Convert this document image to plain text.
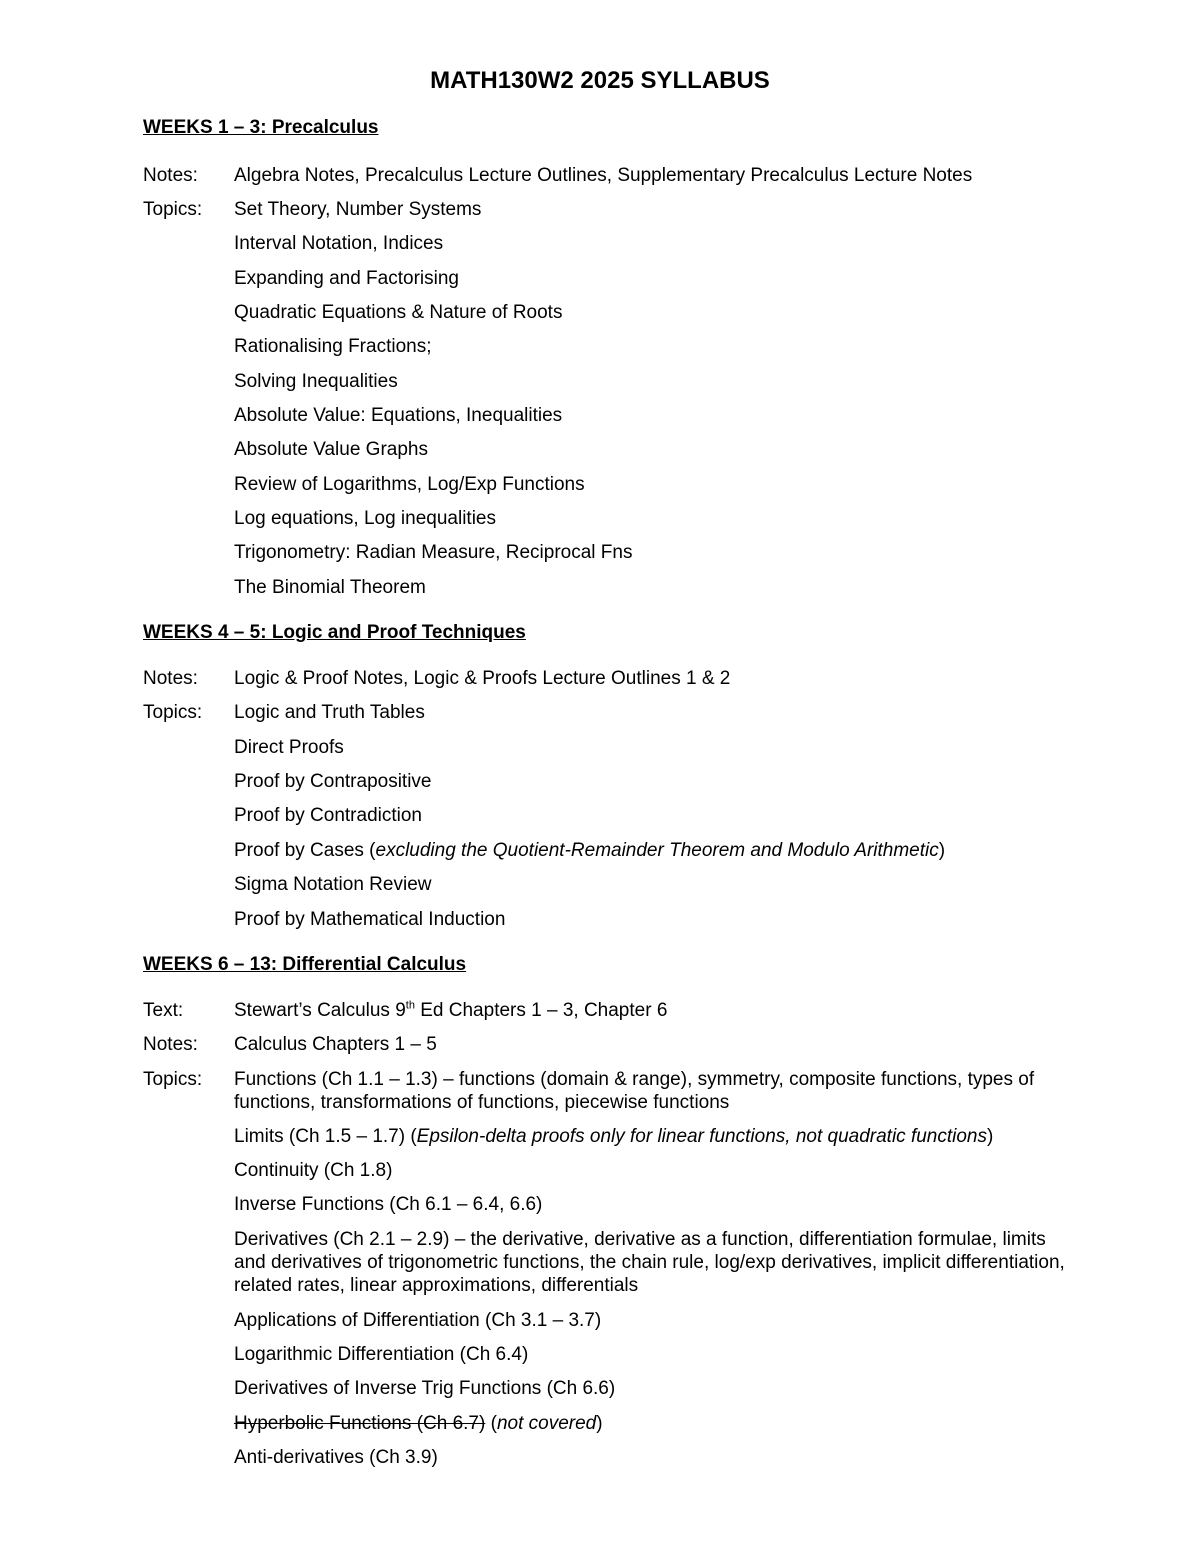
MATH130W2 2025 SYLLABUS
WEEKS 1 – 3: Precalculus
Notes: Algebra Notes, Precalculus Lecture Outlines, Supplementary Precalculus Lecture Notes
Topics: Set Theory, Number Systems
Interval Notation, Indices
Expanding and Factorising
Quadratic Equations & Nature of Roots
Rationalising Fractions;
Solving Inequalities
Absolute Value: Equations, Inequalities
Absolute Value Graphs
Review of Logarithms, Log/Exp Functions
Log equations, Log inequalities
Trigonometry: Radian Measure, Reciprocal Fns
The Binomial Theorem
WEEKS 4 – 5: Logic and Proof Techniques
Notes: Logic & Proof Notes, Logic & Proofs Lecture Outlines 1 & 2
Topics: Logic and Truth Tables
Direct Proofs
Proof by Contrapositive
Proof by Contradiction
Proof by Cases (excluding the Quotient-Remainder Theorem and Modulo Arithmetic)
Sigma Notation Review
Proof by Mathematical Induction
WEEKS 6 – 13: Differential Calculus
Text:	Stewart’s Calculus 9th Ed Chapters 1 – 3, Chapter 6
Notes: Calculus Chapters 1 – 5
Topics: Functions (Ch 1.1 – 1.3) – functions (domain & range), symmetry, composite functions, types of functions, transformations of functions, piecewise functions
Limits (Ch 1.5 – 1.7) (Epsilon-delta proofs only for linear functions, not quadratic functions)
Continuity (Ch 1.8)
Inverse Functions (Ch 6.1 – 6.4, 6.6)
Derivatives (Ch 2.1 – 2.9) – the derivative, derivative as a function, differentiation formulae, limits and derivatives of trigonometric functions, the chain rule, log/exp derivatives, implicit differentiation, related rates, linear approximations, differentials
Applications of Differentiation (Ch 3.1 – 3.7)
Logarithmic Differentiation (Ch 6.4)
Derivatives of Inverse Trig Functions (Ch 6.6)
Hyperbolic Functions (Ch 6.7) (not covered)
Anti-derivatives (Ch 3.9)
